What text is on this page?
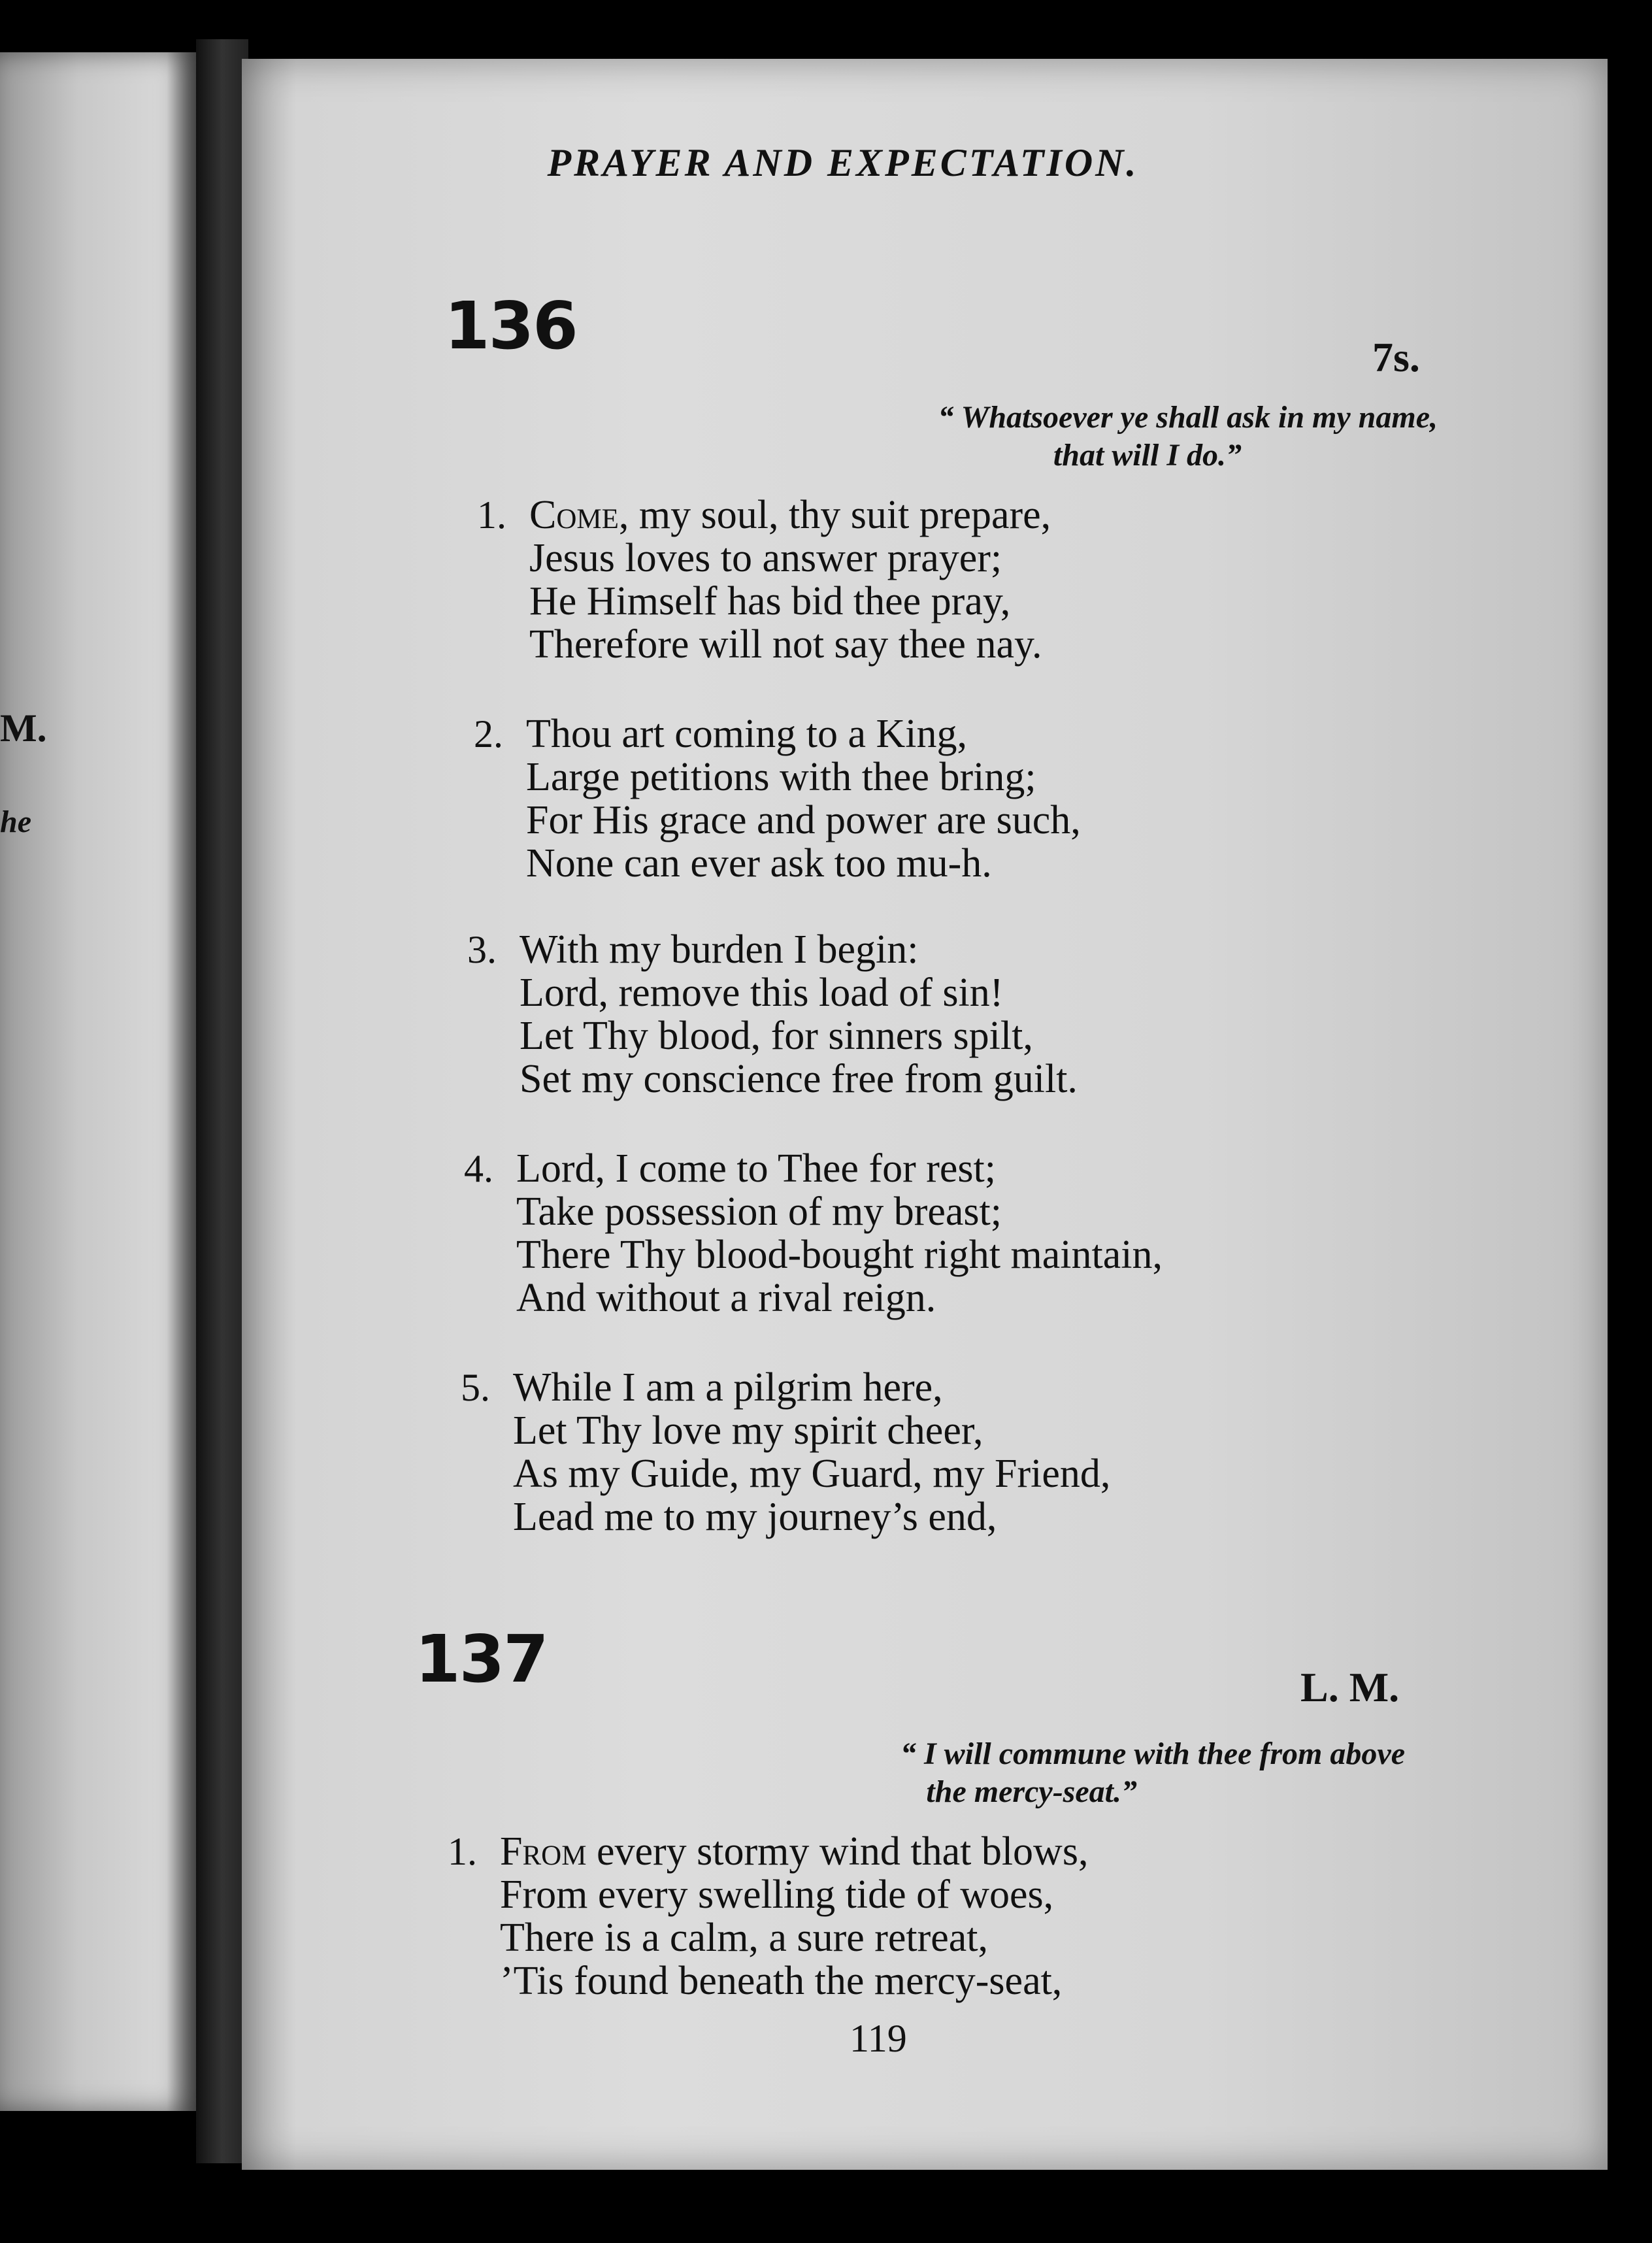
M.
he
PRAYER AND EXPECTATION.
136	7s.
“ Whatsoever ye shall ask in my name,
that will I do.”
1. Come, my soul, thy suit prepare,
Jesus loves to answer prayer;
He Himself has bid thee pray,
Therefore will not say thee nay.
2. Thou art coming to a King,
Large petitions with thee bring;
For His grace and power are such,
None can ever ask too mu-h.
3. With my burden I begin:
Lord, remove this load of sin!
Let Thy blood, for sinners spilt,
Set my conscience free from guilt.
4. Lord, I come to Thee for rest;
Take possession of my breast;
There Thy blood-bought right maintain,
And without a rival reign.
5. While I am a pilgrim here,
Let Thy love my spirit cheer,
As my Guide, my Guard, my Friend,
Lead me to my journey’s end,
137	L. M.
“ I will commune with thee from above
the mercy-seat.”
1. From every stormy wind that blows,
From every swelling tide of woes,
There is a calm, a sure retreat,
’Tis found beneath the mercy-seat,
119
